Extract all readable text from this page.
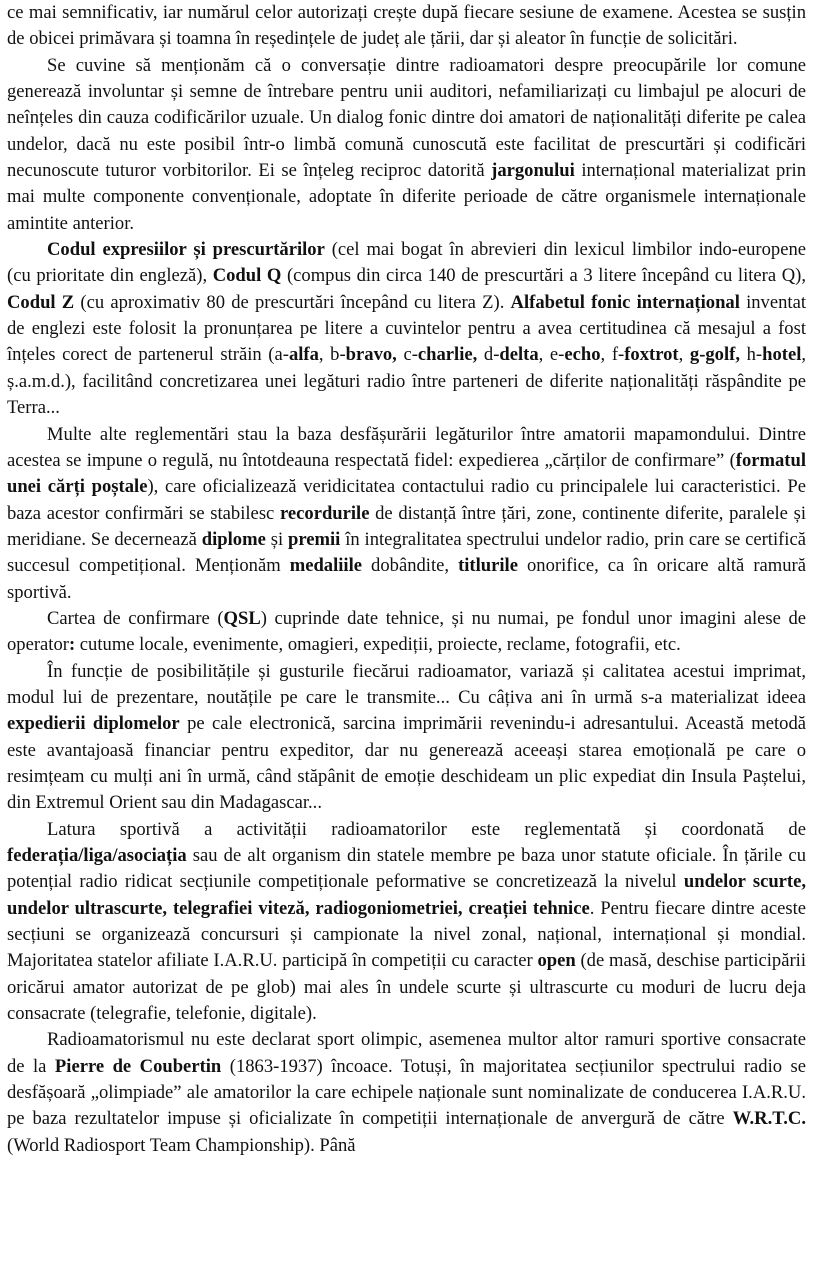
ce mai semnificativ, iar numărul celor autorizați crește după fiecare sesiune de examene. Acestea se susțin de obicei primăvara și toamna în reședințele de județ ale țării, dar și aleator în funcție de solicitări.

Se cuvine să menționăm că o conversație dintre radioamatori despre preocupările lor comune generează involuntar și semne de întrebare pentru unii auditori, nefamiliarizați cu limbajul pe alocuri de neînțeles din cauza codificărilor uzuale. Un dialog fonic dintre doi amatori de naționalități diferite pe calea undelor, dacă nu este posibil într-o limbă comună cunoscută este facilitat de prescurtări și codificări necunoscute tuturor vorbitorilor. Ei se înțeleg reciproc datorită jargonului internațional materializat prin mai multe componente convenționale, adoptate în diferite perioade de către organismele internaționale amintite anterior.

Codul expresiilor și prescurtărilor (cel mai bogat în abrevieri din lexicul limbilor indo-europene (cu prioritate din engleză), Codul Q (compus din circa 140 de prescurtări a 3 litere începând cu litera Q), Codul Z (cu aproximativ 80 de prescurtări începând cu litera Z). Alfabetul fonic internațional inventat de englezi este folosit la pronunțarea pe litere a cuvintelor pentru a avea certitudinea că mesajul a fost înțeles corect de partenerul străin (a-alfa, b-bravo, c-charlie, d-delta, e-echo, f-foxtrot, g-golf, h-hotel, ș.a.m.d.), facilitând concretizarea unei legături radio între parteneri de diferite naționalități răspândite pe Terra...

Multe alte reglementări stau la baza desfășurării legăturilor între amatorii mapamondului. Dintre acestea se impune o regulă, nu întotdeauna respectată fidel: expedierea „cărților de confirmare” (formatul unei cărți poștale), care oficializează veridicitatea contactului radio cu principalele lui caracteristici. Pe baza acestor confirmări se stabilesc recordurile de distanță între țări, zone, continente diferite, paralele și meridiane. Se decernează diplome și premii în integralitatea spectrului undelor radio, prin care se certifică succesul competițional. Menționăm medaliile dobândite, titlurile onorifice, ca în oricare altă ramură sportivă.

Cartea de confirmare (QSL) cuprinde date tehnice, și nu numai, pe fondul unor imagini alese de operator: cutume locale, evenimente, omagieri, expediții, proiecte, reclame, fotografii, etc.

În funcție de posibilitățile și gusturile fiecărui radioamator, variază și calitatea acestui imprimat, modul lui de prezentare, noutățile pe care le transmite... Cu câțiva ani în urmă s-a materializat ideea expedierii diplomelor pe cale electronică, sarcina imprimării revenindu-i adresantului. Această metodă este avantajoasă financiar pentru expeditor, dar nu generează aceeași starea emoțională pe care o resimțeam cu mulți ani în urmă, când stăpânit de emoție deschideam un plic expediat din Insula Paștelui, din Extremul Orient sau din Madagascar...

Latura sportivă a activității radioamatorilor este reglementată și coordonată de federația/liga/asociația sau de alt organism din statele membre pe baza unor statute oficiale. În țările cu potențial radio ridicat secțiunile competiționale peformative se concretizează la nivelul undelor scurte, undelor ultrascurte, telegrafiei viteză, radiogoniometriei, creației tehnice. Pentru fiecare dintre aceste secțiuni se organizează concursuri și campionate la nivel zonal, național, internațional și mondial. Majoritatea statelor afiliate I.A.R.U. participă în competiții cu caracter open (de masă, deschise participării oricărui amator autorizat de pe glob) mai ales în undele scurte și ultrascurte cu moduri de lucru deja consacrate (telegrafie, telefonie, digitale).

Radioamatorismul nu este declarat sport olimpic, asemenea multor altor ramuri sportive consacrate de la Pierre de Coubertin (1863-1937) încoace. Totuși, în majoritatea secțiunilor spectrului radio se desfășoară „olimpiade” ale amatorilor la care echipele naționale sunt nominalizate de conducerea I.A.R.U. pe baza rezultatelor impuse și oficializate în competiții internaționale de anvergură de către W.R.T.C. (World Radiosport Team Championship). Până
